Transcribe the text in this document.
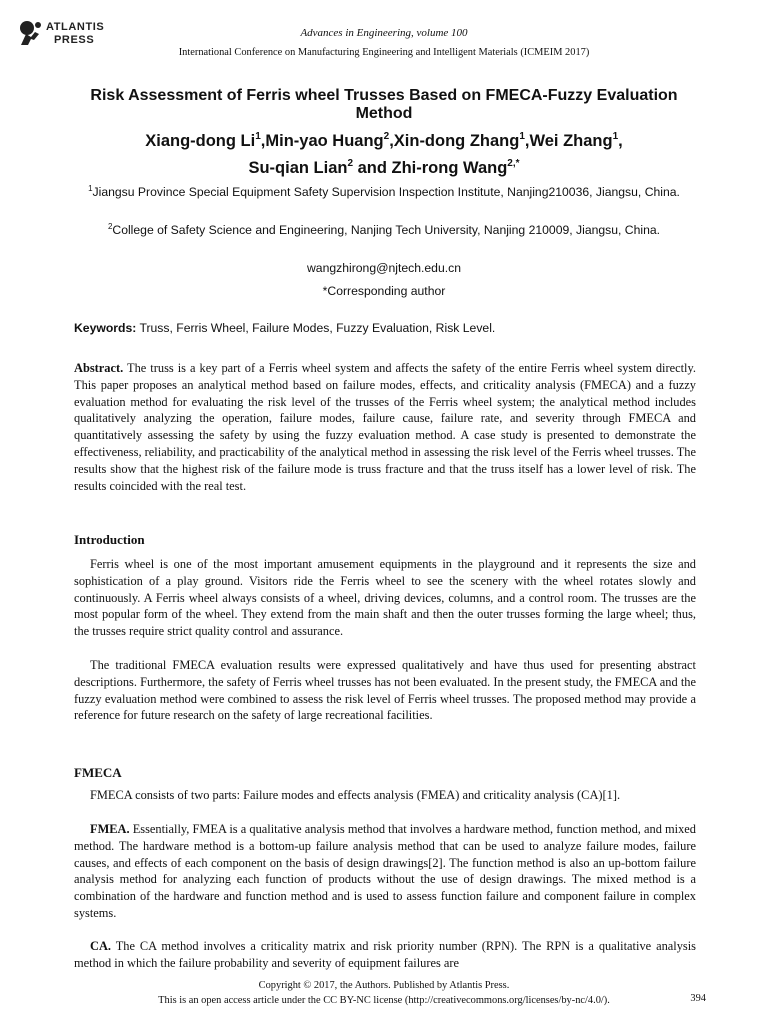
ATLANTIS
PRESS
Advances in Engineering, volume 100
International Conference on Manufacturing Engineering and Intelligent Materials (ICMEIM 2017)
Risk Assessment of Ferris wheel Trusses Based on FMECA-Fuzzy Evaluation Method
Xiang-dong Li$^1$,Min-yao Huang$^2$,Xin-dong Zhang$^1$,Wei Zhang$^1$,
Su-qian Lian$^2$ and Zhi-rong Wang$^{2,*}$
$^1$Jiangsu Province Special Equipment Safety Supervision Inspection Institute, Nanjing210036, Jiangsu, China.
$^2$College of Safety Science and Engineering, Nanjing Tech University, Nanjing 210009, Jiangsu, China.
wangzhirong@njtech.edu.cn
*Corresponding author
Keywords: Truss, Ferris Wheel, Failure Modes, Fuzzy Evaluation, Risk Level.

Abstract. The truss is a key part of a Ferris wheel system and affects the safety of the entire Ferris wheel system directly. This paper proposes an analytical method based on failure modes, effects, and criticality analysis (FMECA) and a fuzzy evaluation method for evaluating the risk level of the trusses of the Ferris wheel system; the analytical method includes qualitatively analyzing the operation, failure modes, failure cause, failure rate, and severity through FMECA and quantitatively assessing the safety by using the fuzzy evaluation method. A case study is presented to demonstrate the effectiveness, reliability, and practicability of the analytical method in assessing the risk level of the Ferris wheel trusses. The results show that the highest risk of the failure mode is truss fracture and that the truss itself has a lower level of risk. The results coincided with the real test.

Introduction

Ferris wheel is one of the most important amusement equipments in the playground and it represents the size and sophistication of a play ground. Visitors ride the Ferris wheel to see the scenery with the wheel rotates slowly and continuously. A Ferris wheel always consists of a wheel, driving devices, columns, and a control room. The trusses are the most popular form of the wheel. They extend from the main shaft and then the outer trusses forming the large wheel; thus, the trusses require strict quality control and assurance.

The traditional FMECA evaluation results were expressed qualitatively and have thus used for presenting abstract descriptions. Furthermore, the safety of Ferris wheel trusses has not been evaluated. In the present study, the FMECA and the fuzzy evaluation method were combined to assess the risk level of Ferris wheel trusses. The proposed method may provide a reference for future research on the safety of large recreational facilities.

FMECA

FMECA consists of two parts: Failure modes and effects analysis (FMEA) and criticality analysis (CA)[1].

FMEA. Essentially, FMEA is a qualitative analysis method that involves a hardware method, function method, and mixed method. The hardware method is a bottom-up failure analysis method that can be used to analyze failure modes, failure causes, and effects of each component on the basis of design drawings[2]. The function method is also an up-bottom failure analysis method for analyzing each function of products without the use of design drawings. The mixed method is a combination of the hardware and function method and is used to assess function failure and component failure in complex systems.

CA. The CA method involves a criticality matrix and risk priority number (RPN). The RPN is a qualitative analysis method in which the failure probability and severity of equipment failures are

Copyright © 2017, the Authors. Published by Atlantis Press.
This is an open access article under the CC BY-NC license (http://creativecommons.org/licenses/by-nc/4.0/).	394
